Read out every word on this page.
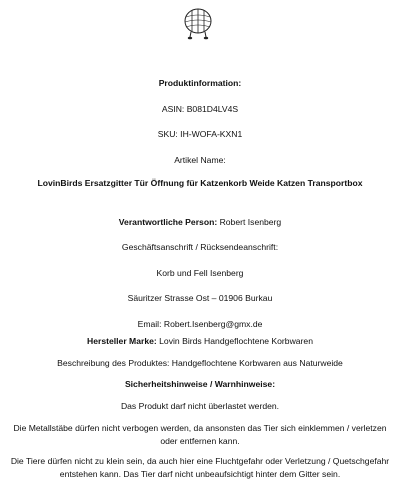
Produktinformation:

ASIN: B081D4LV4S

SKU: IH-WOFA-KXN1

Artikel Name:

LovinBirds Ersatzgitter Tür Öffnung für Katzenkorb Weide Katzen Transportbox

Verantwortliche Person: Robert Isenberg

Geschäftsanschrift / Rücksendeanschrift:

Korb und Fell Isenberg

Säuritzer Strasse Ost – 01906 Burkau

Email: Robert.Isenberg@gmx.de

Hersteller Marke: Lovin Birds Handgeflochtene Korbwaren

Beschreibung des Produktes: Handgeflochtene Korbwaren aus Naturweide

Sicherheitshinweise / Warnhinweise:

Das Produkt darf nicht überlastet werden.

Die Metallstäbe dürfen nicht verbogen werden, da ansonsten das Tier sich einklemmen / verletzen oder entfernen kann.

Die Tiere dürfen nicht zu klein sein, da auch hier eine Fluchtgefahr oder Verletzung / Quetschgefahr entstehen kann. Das Tier darf nicht unbeaufsichtigt hinter dem Gitter sein.
